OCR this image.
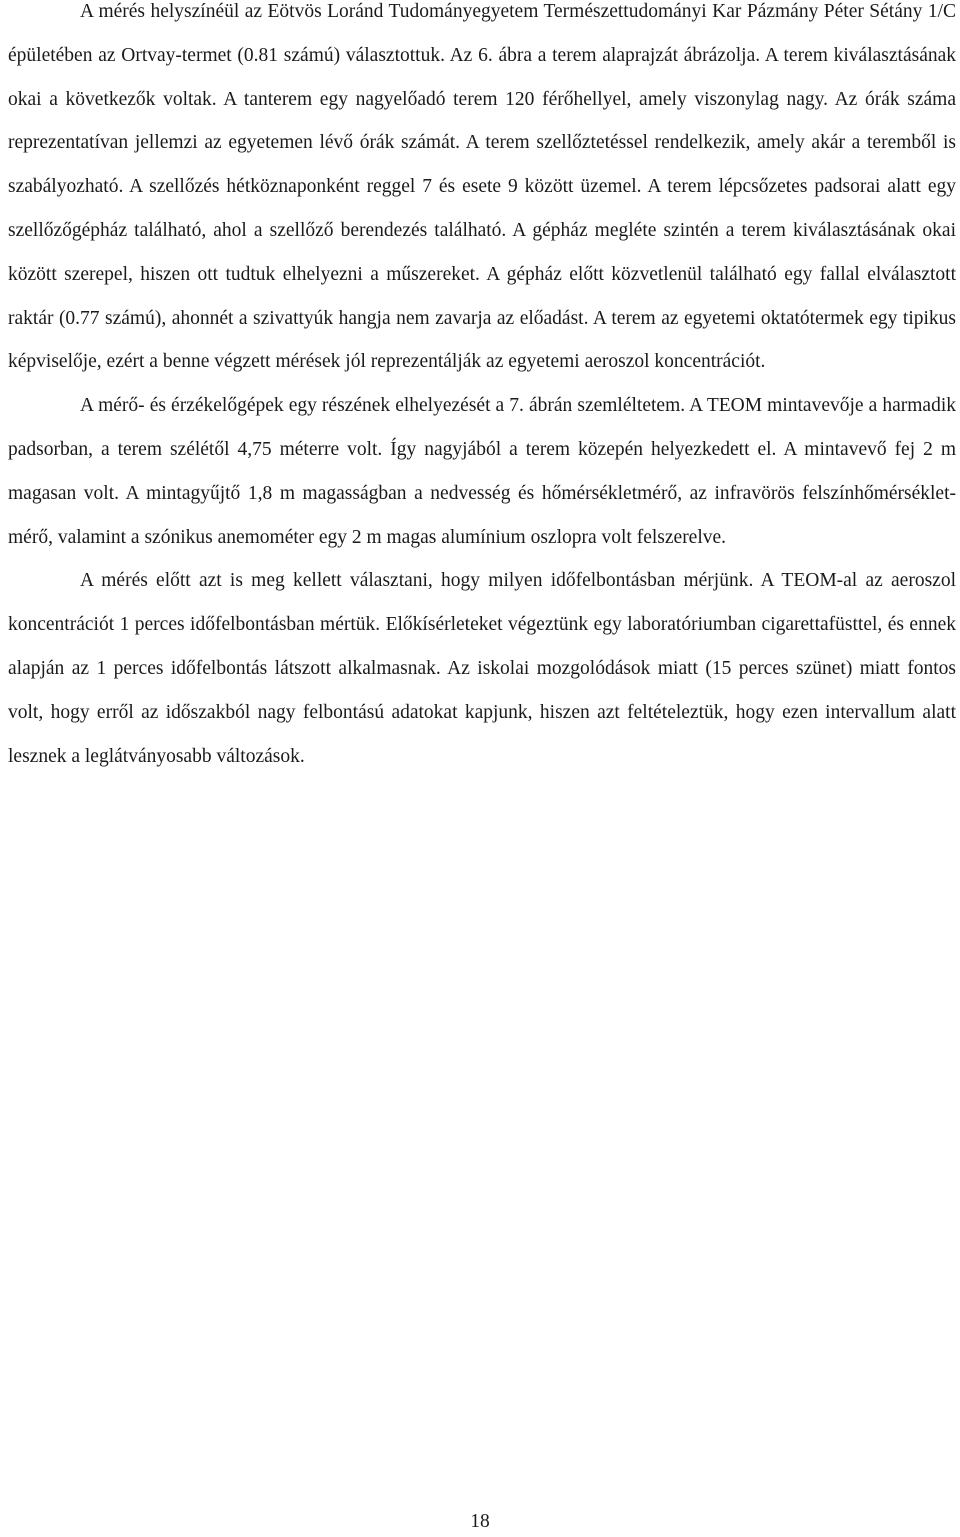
A mérés helyszínéül az Eötvös Loránd Tudományegyetem Természettudományi Kar Pázmány Péter Sétány 1/C épületében az Ortvay-termet (0.81 számú) választottuk. Az 6. ábra a terem alaprajzát ábrázolja. A terem kiválasztásának okai a következők voltak. A tanterem egy nagyelőadó terem 120 férőhellyel, amely viszonylag nagy. Az órák száma reprezentatívan jellemzi az egyetemen lévő órák számát. A terem szellőztetéssel rendelkezik, amely akár a teremből is szabályozható. A szellőzés hétköznaponként reggel 7 és esete 9 között üzemel. A terem lépcsőzetes padsorai alatt egy szellőzőgépház található, ahol a szellőző berendezés található. A gépház megléte szintén a terem kiválasztásának okai között szerepel, hiszen ott tudtuk elhelyezni a műszereket. A gépház előtt közvetlenül található egy fallal elválasztott raktár (0.77 számú), ahonnét a szivattyúk hangja nem zavarja az előadást. A terem az egyetemi oktatótermek egy tipikus képviselője, ezért a benne végzett mérések jól reprezentálják az egyetemi aeroszol koncentrációt.

A mérő- és érzékelőgépek egy részének elhelyezését a 7. ábrán szemléltetem. A TEOM mintavevője a harmadik padsorban, a terem szélétől 4,75 méterre volt. Így nagyjából a terem közepén helyezkedett el. A mintavevő fej 2 m magasan volt. A mintagyűjtő 1,8 m magasságban a nedvesség és hőmérsékletmérő, az infravörös felszínhőmérséklet-mérő, valamint a szónikus anemométer egy 2 m magas alumínium oszlopra volt felszerelve.

A mérés előtt azt is meg kellett választani, hogy milyen időfelbontásban mérjünk. A TEOM-al az aeroszol koncentrációt 1 perces időfelbontásban mértük. Előkísérleteket végeztünk egy laboratóriumban cigarettafüsttel, és ennek alapján az 1 perces időfelbontás látszott alkalmasnak. Az iskolai mozgolódások miatt (15 perces szünet) miatt fontos volt, hogy erről az időszakból nagy felbontású adatokat kapjunk, hiszen azt feltételeztük, hogy ezen intervallum alatt lesznek a leglátványosabb változások.

18
